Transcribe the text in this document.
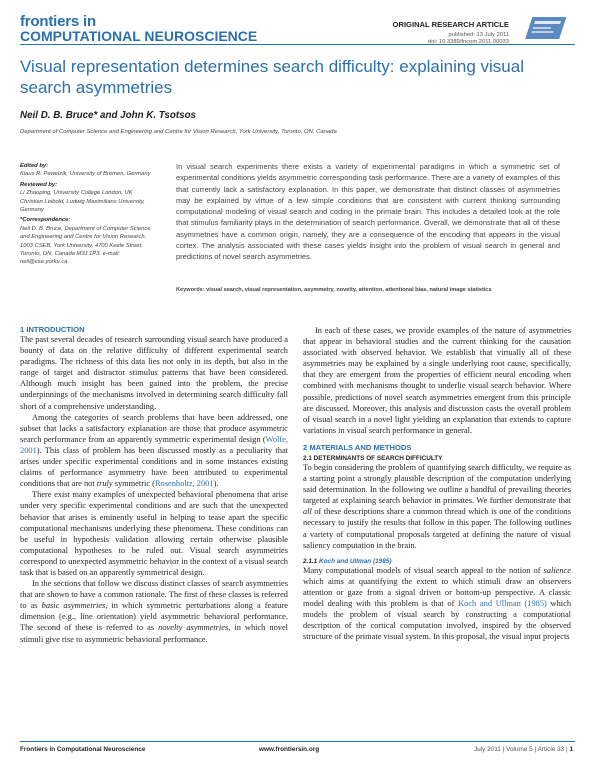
frontiers in
COMPUTATIONAL NEUROSCIENCE
ORIGINAL RESEARCH ARTICLE
published: 13 July 2011
doi: 10.3389/fncom.2011.00033
Visual representation determines search difficulty: explaining visual search asymmetries
Neil D. B. Bruce* and John K. Tsotsos
Department of Computer Science and Engineering and Centre for Vision Research, York University, Toronto, ON, Canada
Edited by:
Klaus R. Pawelzik, University of Bremen, Germany
Reviewed by:
Li Zhaoping, University College London, UK
Christian Leibold, Ludwig Maximilians University, Germany
*Correspondence:
Neil D. B. Bruce, Department of Computer Science and Engineering and Centre for Vision Research, 1003 CSEB, York University, 4700 Keele Street, Toronto, ON, Canada M3J 1P3. e-mail: neil@cse.yorku.ca
In visual search experiments there exists a variety of experimental paradigms in which a symmetric set of experimental conditions yields asymmetric corresponding task performance. There are a variety of examples of this that currently lack a satisfactory explanation. In this paper, we demonstrate that distinct classes of asymmetries may be explained by virtue of a few simple conditions that are consistent with current thinking surrounding computational modeling of visual search and coding in the primate brain. This includes a detailed look at the role that stimulus familiarity plays in the determination of search performance. Overall, we demonstrate that all of these asymmetries have a common origin, namely, they are a consequence of the encoding that appears in the visual cortex. The analysis associated with these cases yields insight into the problem of visual search in general and predictions of novel search asymmetries.
Keywords: visual search, visual representation, asymmetry, novelty, attention, attentional bias, natural image statistics
1 INTRODUCTION

The past several decades of research surrounding visual search have produced a bounty of data on the relative difficulty of different experimental search paradigms. The richness of this data lies not only in its depth, but also in the range of target and distractor stimulus patterns that have been considered. Although much insight has been gained into the problem, the precise underpinnings of the mechanisms involved in determining search difficulty fall short of a comprehensive understanding.

Among the categories of search problems that have been addressed, one subset that lacks a satisfactory explanation are those that produce asymmetric search performance from an apparently symmetric experimental design (Wolfe, 2001). This class of problem has been discussed mostly as a peculiarity that arises under specific experimental conditions and in some instances existing claims of performance asymmetry have been attributed to experimental conditions that are not truly symmetric (Rosenholtz, 2001).

There exist many examples of unexpected behavioral phenomena that arise under very specific experimental conditions and are such that the unexpected behavior that arises is eminently useful in helping to tease apart the specific computational mechanisms underlying these phenomena. These conditions can be useful in hypothesis validation allowing certain otherwise plausible computational hypotheses to be ruled out. Visual search asymmetries correspond to unexpected asymmetric behavior in the context of a visual search task that is based on an apparently symmetrical design.

In the sections that follow we discuss distinct classes of search asymmetries that are shown to have a common rationale. The first of these classes is referred to as basic asymmetries, in which symmetric perturbations along a feature dimension (e.g., line orientation) yield asymmetric behavioral performance. The second of these is referred to as novelty asymmetries, in which novel stimuli give rise to asymmetric behavioral performance.

In each of these cases, we provide examples of the nature of asymmetries that appear in behavioral studies and the current thinking for the causation associated with observed behavior. We establish that virtually all of these asymmetries may be explained by a single underlying root cause, specifically, that they are emergent from the properties of efficient neural encoding when combined with mechanisms thought to underlie visual search behavior. Where possible, predictions of novel search asymmetries emergent from this principle are discussed. Moreover, this analysis and discussion casts the overall problem of visual search in a novel light yielding an explanation that extends to capture variations in visual search performance in general.

2 MATERIALS AND METHODS
2.1 DETERMINANTS OF SEARCH DIFFICULTY

To begin considering the problem of quantifying search difficulty, we require as a starting point a strongly plausible description of the computation underlying said determination. In the following we outline a handful of prevailing theories targeted at explaining search behavior in primates. We further demonstrate that all of these descriptions share a common thread which is one of the conditions necessary to justify the results that follow in this paper. The following outlines a variety of computational proposals targeted at defining the nature of visual saliency computation in the brain.

2.1.1 Koch and Ullman (1985)

Many computational models of visual search appeal to the notion of salience which aims at quantifying the extent to which stimuli draw an observers attention or gaze from a signal driven or bottom-up perspective. A classic model dealing with this problem is that of Koch and Ullman (1985) which models the problem of visual search by constructing a computational description of the cortical computation involved, inspired by the observed structure of the primate visual system. In this proposal, the visual input projects

Frontiers in Computational Neuroscience	www.frontiersin.org	July 2011 | Volume 5 | Article 33 | 1
